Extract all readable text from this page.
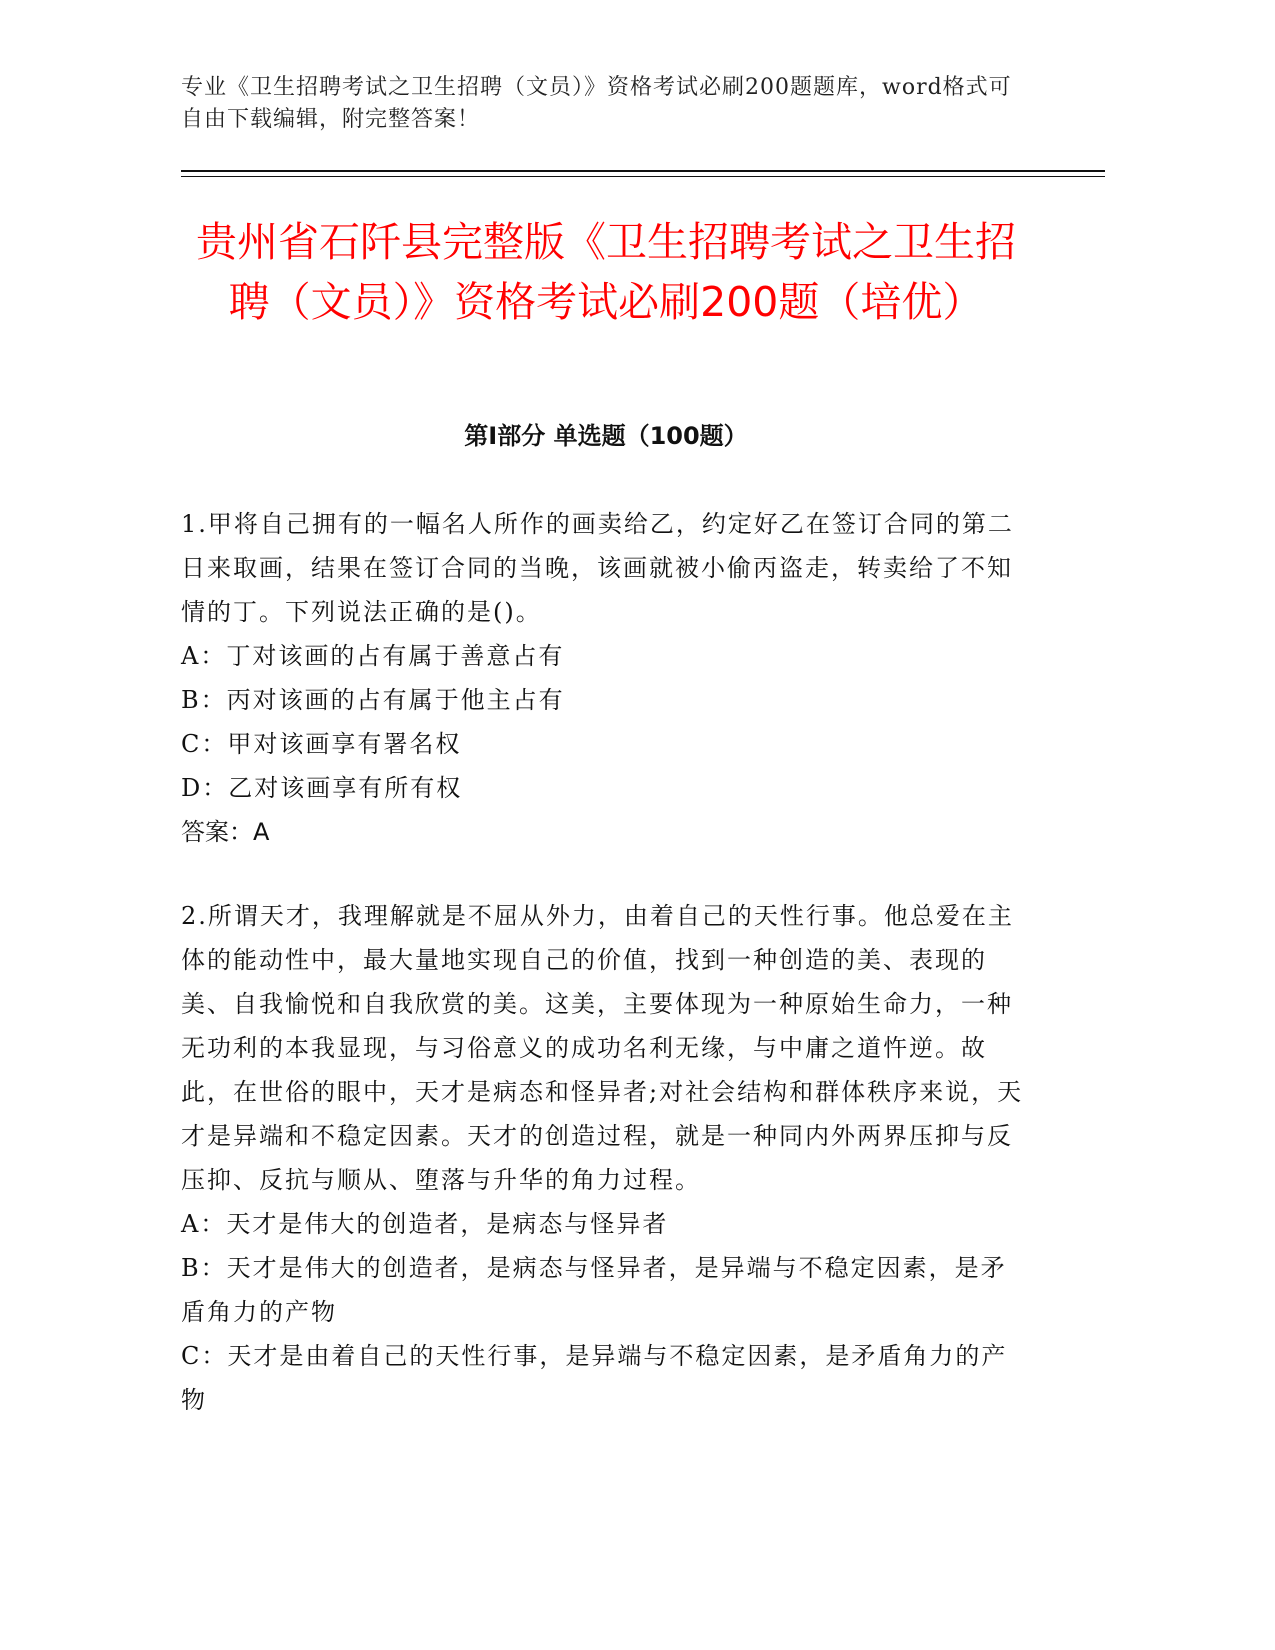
专业《卫生招聘考试之卫生招聘（文员）》资格考试必刷200题题库，word格式可自由下载编辑，附完整答案！
贵州省石阡县完整版《卫生招聘考试之卫生招聘（文员）》资格考试必刷200题（培优）
第Ⅰ部分 单选题（100题）

1.甲将自己拥有的一幅名人所作的画卖给乙，约定好乙在签订合同的第二日来取画，结果在签订合同的当晚，该画就被小偷丙盗走，转卖给了不知情的丁。下列说法正确的是()。

A：丁对该画的占有属于善意占有

B：丙对该画的占有属于他主占有

C：甲对该画享有署名权

D：乙对该画享有所有权

答案：A

2.所谓天才，我理解就是不屈从外力，由着自己的天性行事。他总爱在主体的能动性中，最大量地实现自己的价值，找到一种创造的美、表现的美、自我愉悦和自我欣赏的美。这美，主要体现为一种原始生命力，一种无功利的本我显现，与习俗意义的成功名利无缘，与中庸之道忤逆。故此，在世俗的眼中，天才是病态和怪异者;对社会结构和群体秩序来说，天才是异端和不稳定因素。天才的创造过程，就是一种同内外两界压抑与反压抑、反抗与顺从、堕落与升华的角力过程。

A：天才是伟大的创造者，是病态与怪异者

B：天才是伟大的创造者，是病态与怪异者，是异端与不稳定因素，是矛盾角力的产物

C：天才是由着自己的天性行事，是异端与不稳定因素，是矛盾角力的产物
